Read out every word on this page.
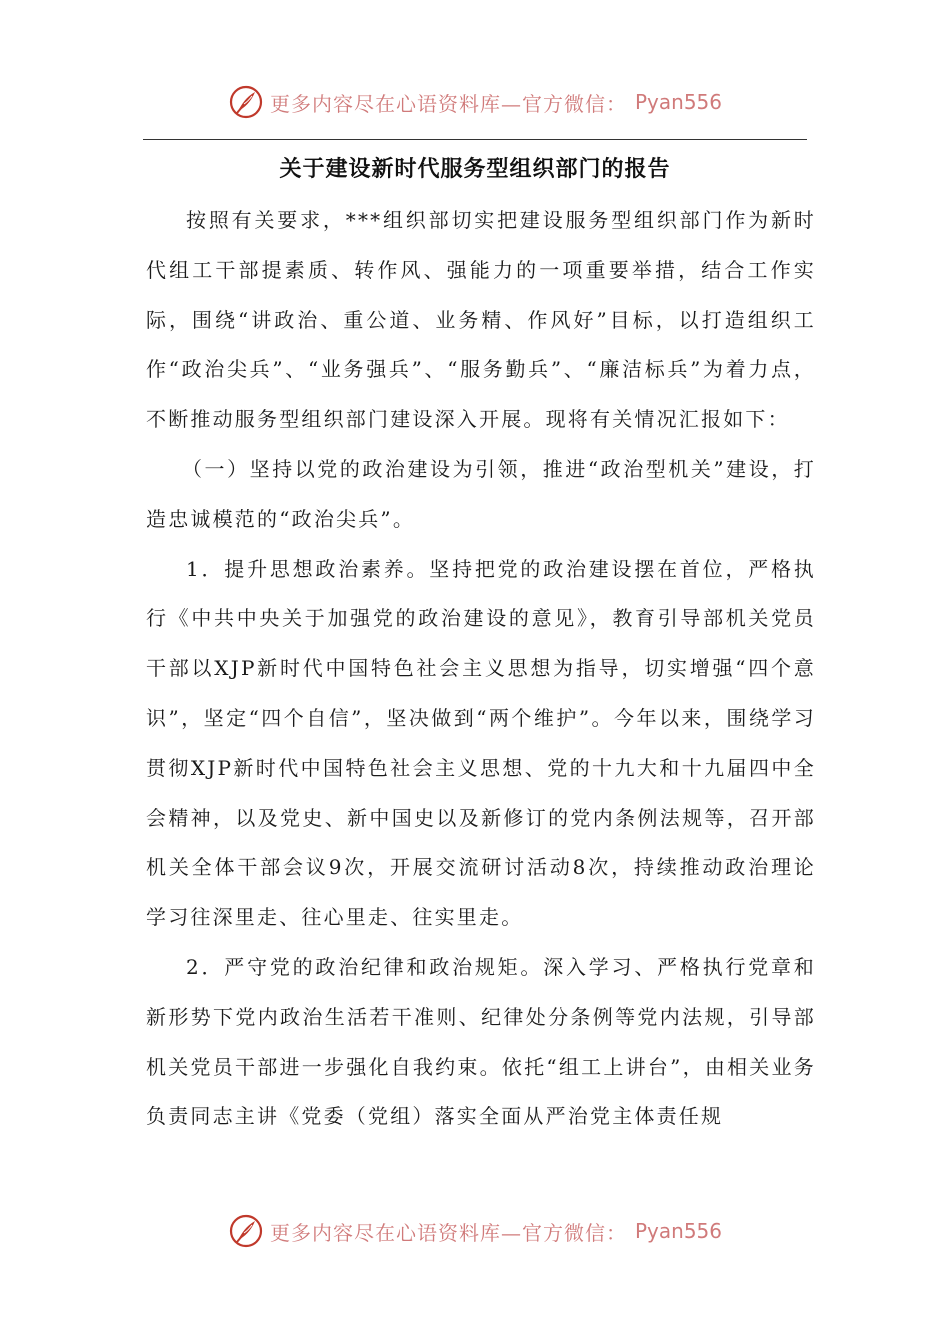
更多内容尽在心语资料库—官方微信： Pyan556
关于建设新时代服务型组织部门的报告

按照有关要求，***组织部切实把建设服务型组织部门作为新时代组工干部提素质、转作风、强能力的一项重要举措，结合工作实际，围绕“讲政治、重公道、业务精、作风好”目标，以打造组织工作“政治尖兵”、“业务强兵”、“服务勤兵”、“廉洁标兵”为着力点，不断推动服务型组织部门建设深入开展。现将有关情况汇报如下：

（一）坚持以党的政治建设为引领，推进“政治型机关”建设，打造忠诚模范的“政治尖兵”。

1．提升思想政治素养。坚持把党的政治建设摆在首位，严格执行《中共中央关于加强党的政治建设的意见》，教育引导部机关党员干部以XJP新时代中国特色社会主义思想为指导，切实增强“四个意识”，坚定“四个自信”，坚决做到“两个维护”。今年以来，围绕学习贯彻XJP新时代中国特色社会主义思想、党的十九大和十九届四中全会精神，以及党史、新中国史以及新修订的党内条例法规等，召开部机关全体干部会议9次，开展交流研讨活动8次，持续推动政治理论学习往深里走、往心里走、往实里走。

2．严守党的政治纪律和政治规矩。深入学习、严格执行党章和新形势下党内政治生活若干准则、纪律处分条例等党内法规，引导部机关党员干部进一步强化自我约束。依托“组工上讲台”，由相关业务负责同志主讲《党委（党组）落实全面从严治党主体责任规

更多内容尽在心语资料库—官方微信： Pyan556
